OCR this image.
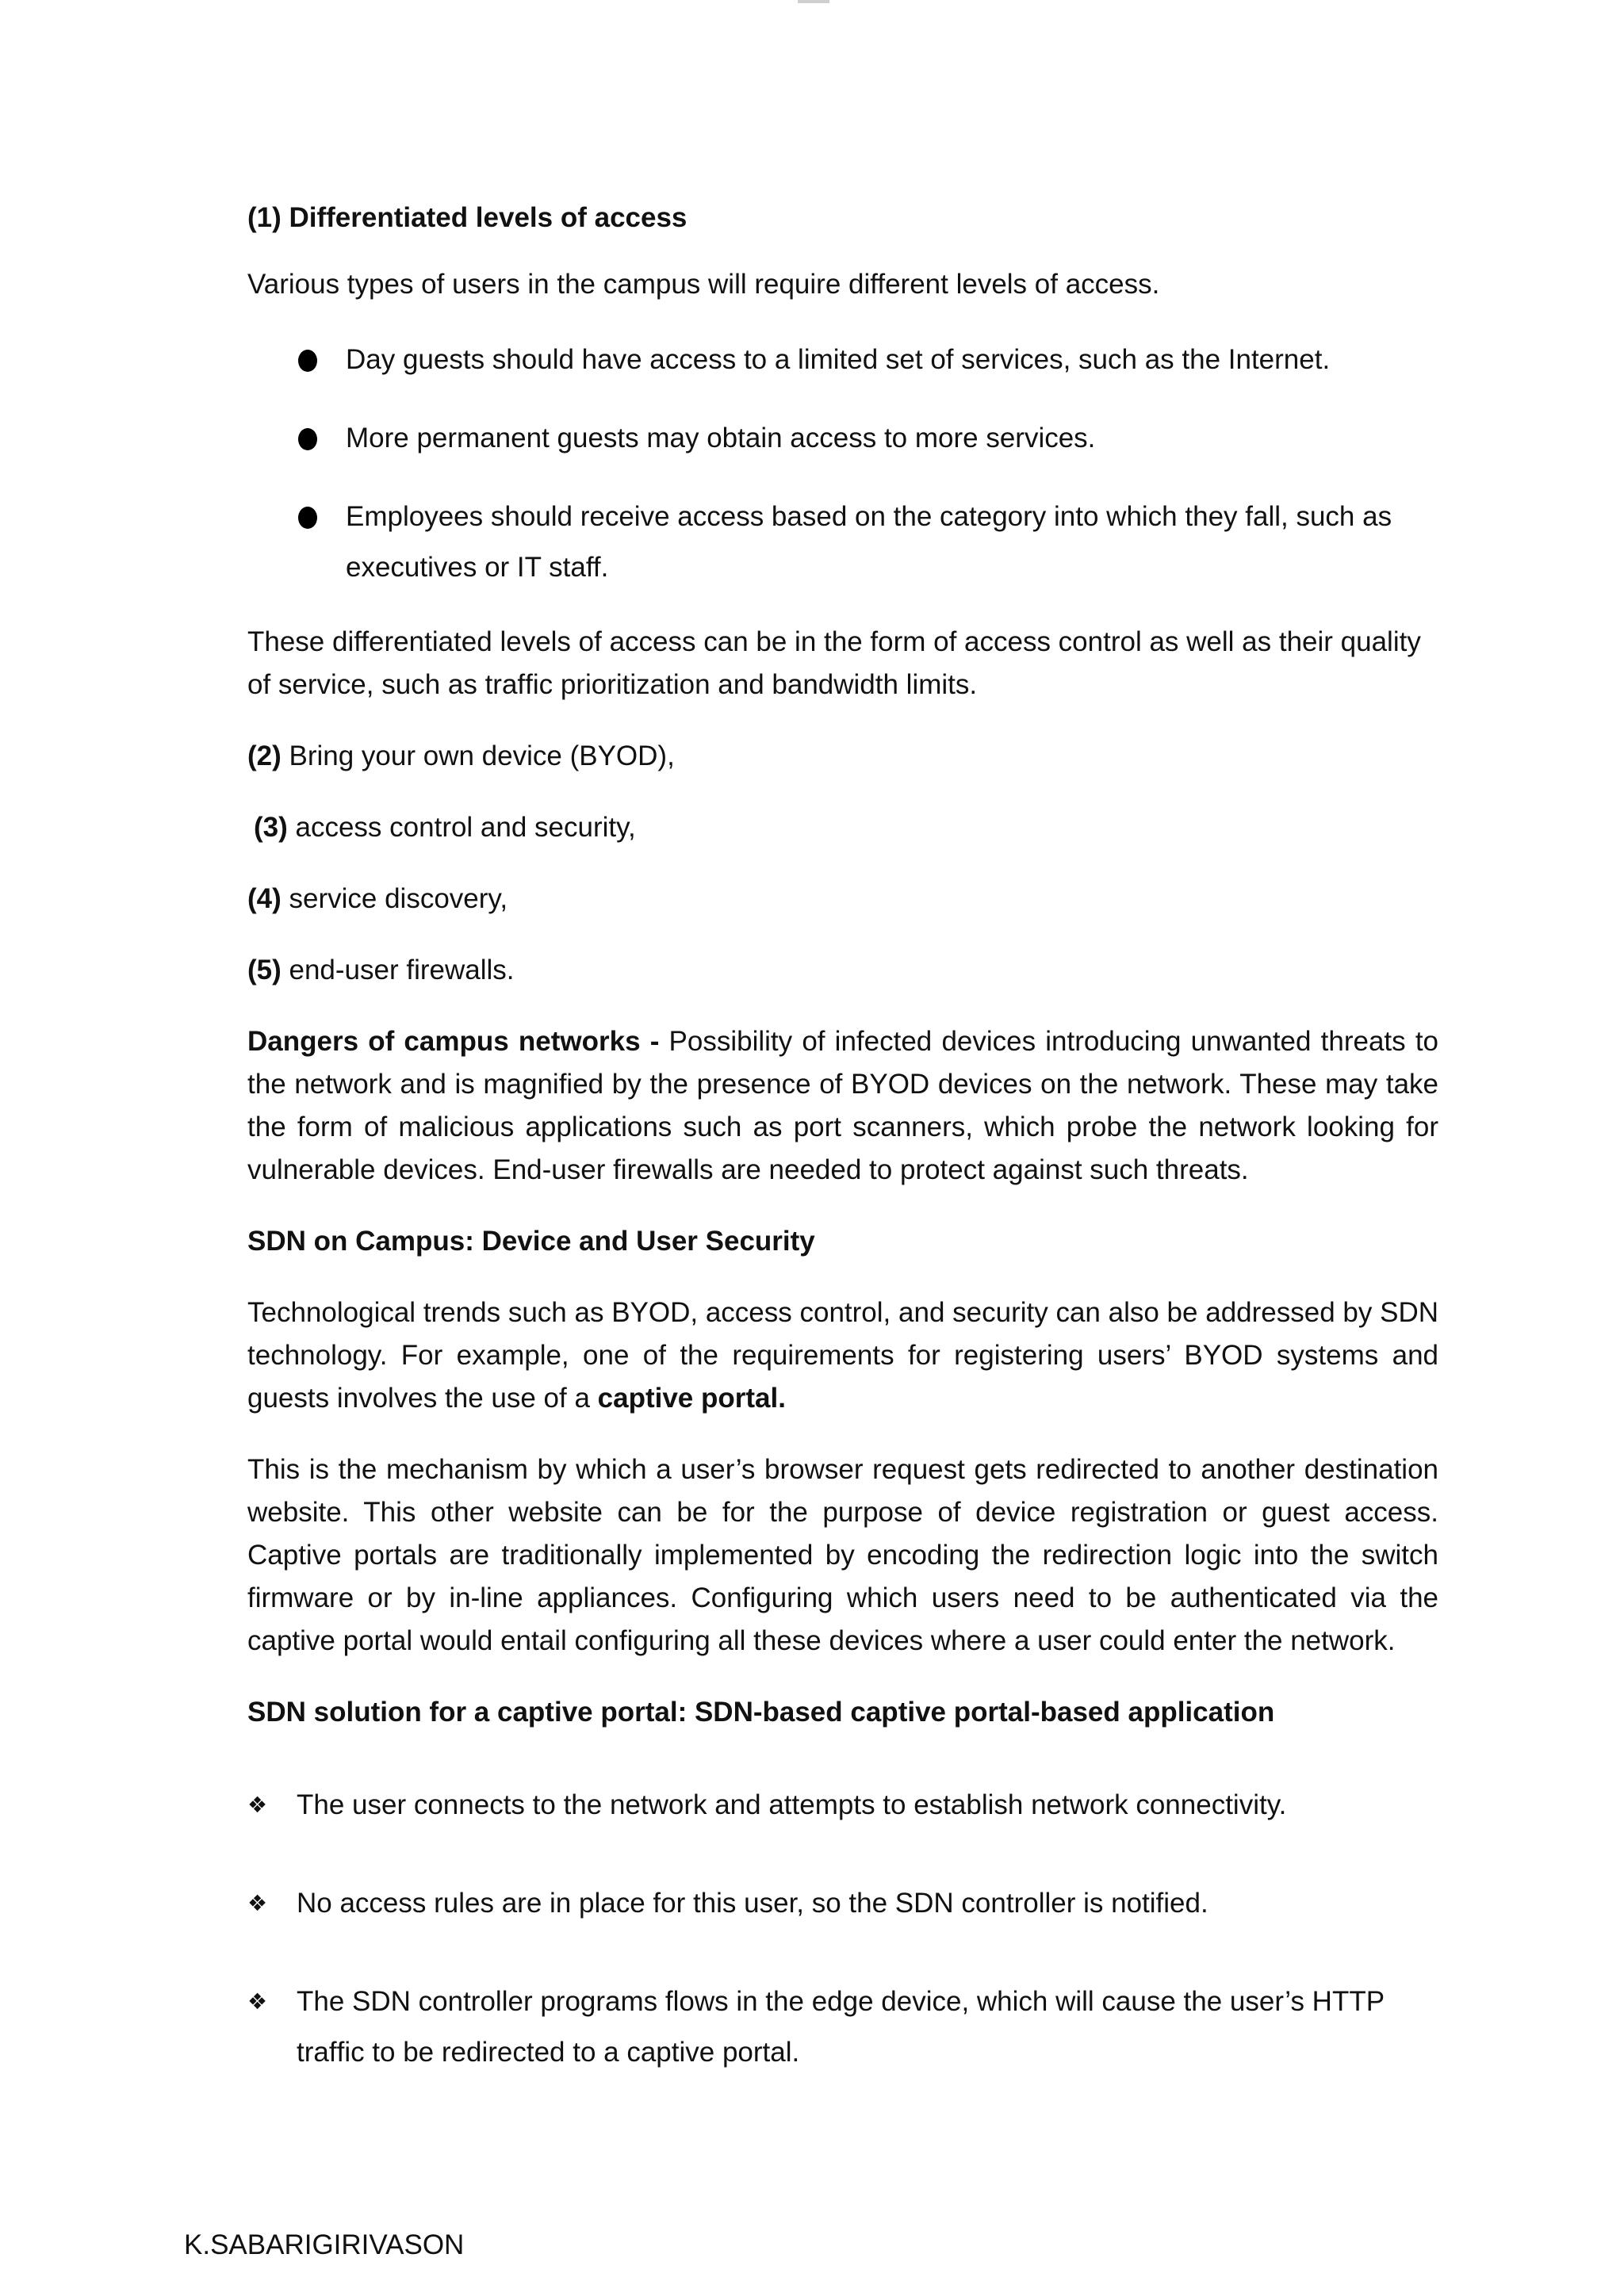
(1) Differentiated levels of access

Various types of users in the campus will require different levels of access.

Day guests should have access to a limited set of services, such as the Internet.
More permanent guests may obtain access to more services.
Employees should receive access based on the category into which they fall, such as executives or IT staff.

These differentiated levels of access can be in the form of access control as well as their quality of service, such as trafﬁc prioritization and bandwidth limits.

(2) Bring your own device (BYOD),

(3) access control and security,

(4) service discovery,

(5) end-user firewalls.

Dangers of campus networks - Possibility of infected devices introducing unwanted threats to the network and is magnified by the presence of BYOD devices on the network. These may take the form of malicious applications such as port scanners, which probe the network looking for vulnerable devices. End-user firewalls are needed to protect against such threats.

SDN on Campus: Device and User Security

Technological trends such as BYOD, access control, and security can also be addressed by SDN technology. For example, one of the requirements for registering users’ BYOD systems and guests involves the use of a captive portal.

This is the mechanism by which a user’s browser request gets redirected to another destination website. This other website can be for the purpose of device registration or guest access. Captive portals are traditionally implemented by encoding the redirection logic into the switch firmware or by in-line appliances. Configuring which users need to be authenticated via the captive portal would entail configuring all these devices where a user could enter the network.

SDN solution for a captive portal: SDN-based captive portal-based application

❖ The user connects to the network and attempts to establish network connectivity.
❖ No access rules are in place for this user, so the SDN controller is notified.
❖ The SDN controller programs flows in the edge device, which will cause the user’s HTTP trafﬁc to be redirected to a captive portal.
K.SABARIGIRIVASON
